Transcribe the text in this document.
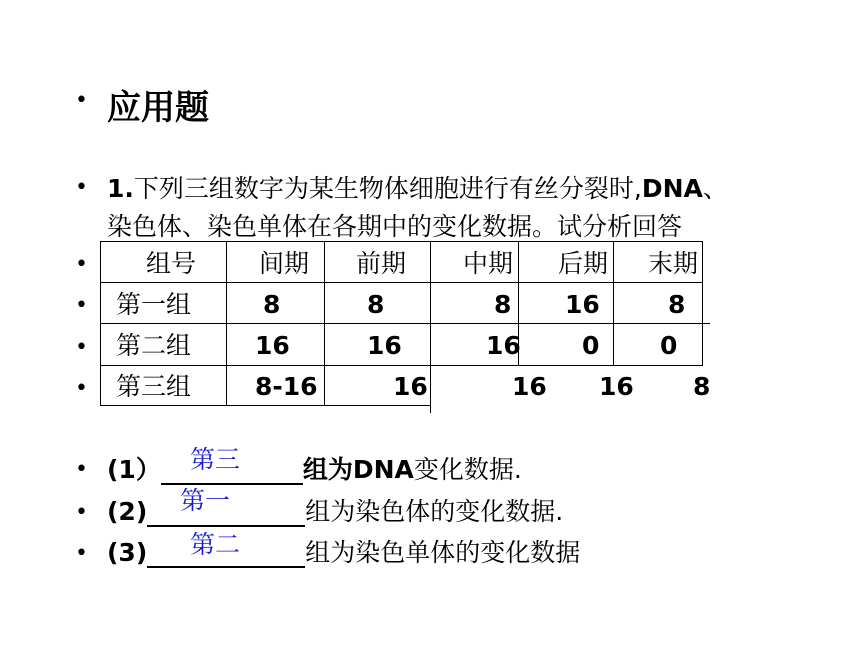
•
•
•
•
•
•
•
•
•
应用题
1.下列三组数字为某生物体细胞进行有丝分裂时,DNA、
染色体、染色单体在各期中的变化数据。试分析回答
组号	间期 前期 中期 后期 末期
第一组	8	8	8 16	8
第二组	16	16	16 0 0
第三组	8-16	16	16 16 8
(1）	组为DNA变化数据.
(2)	组为染色体的变化数据.
(3)	组为染色单体的变化数据
第三
第一
第二
